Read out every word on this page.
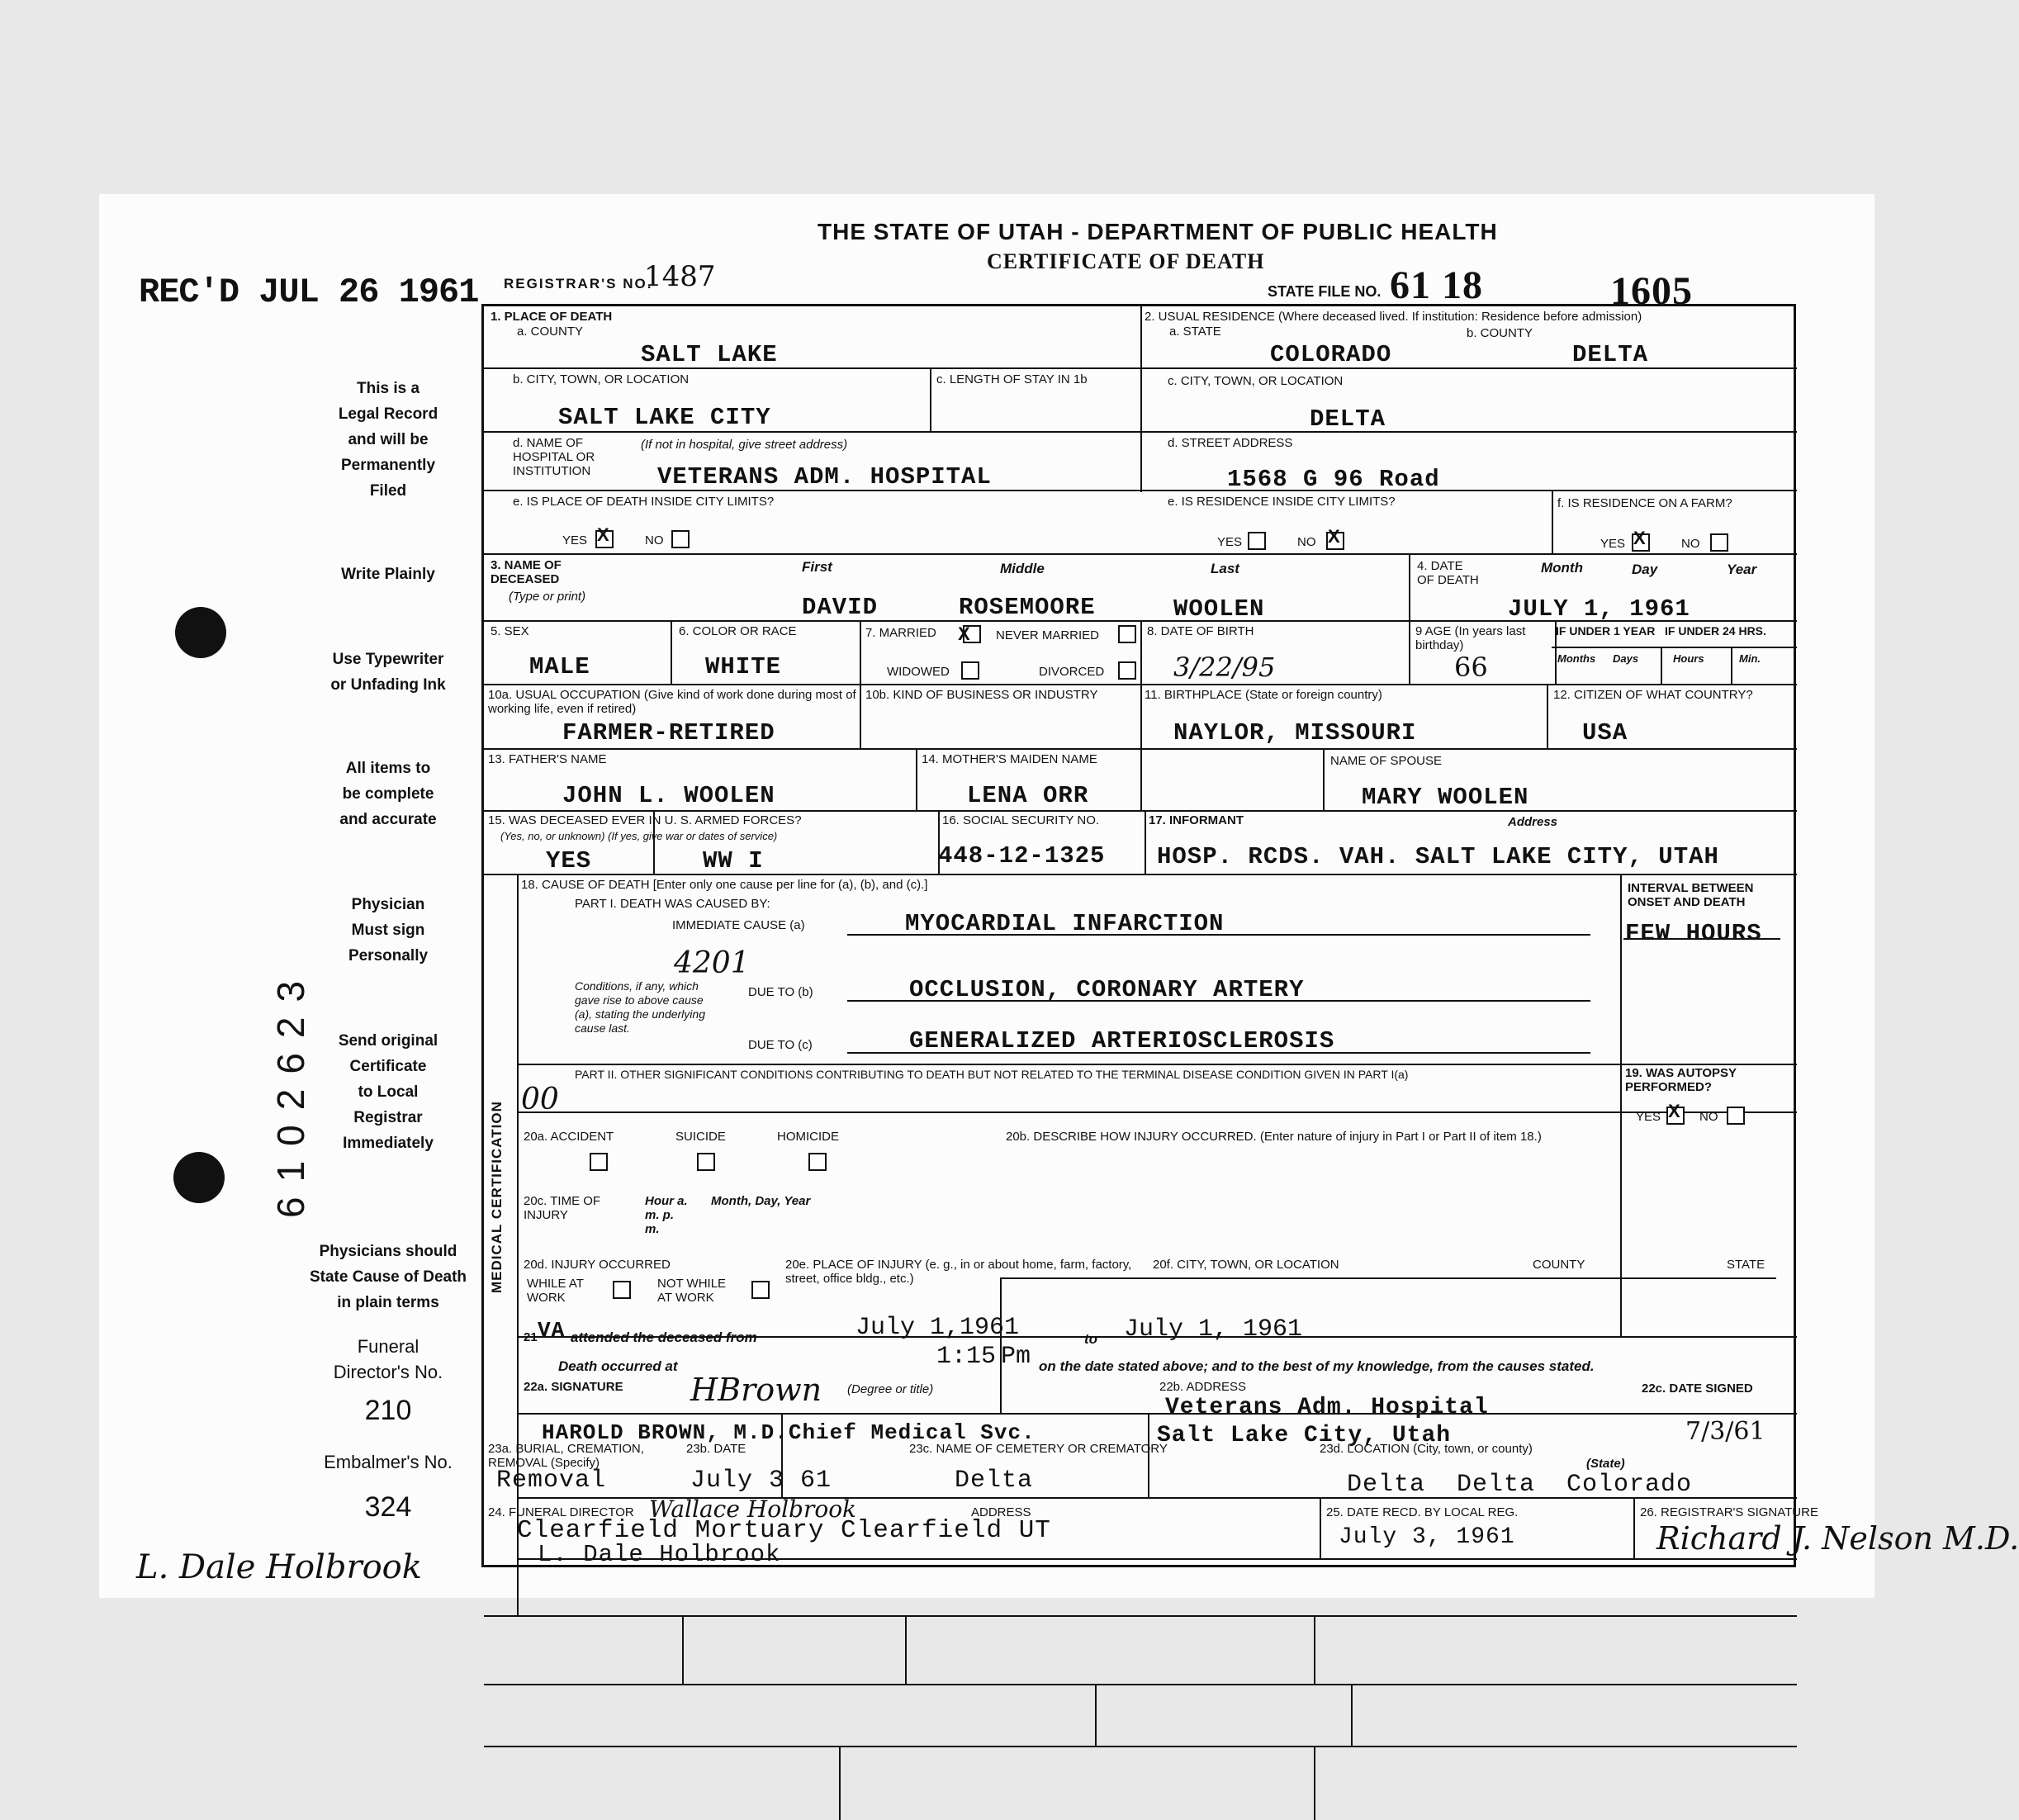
REC'D JUL 26 1961
This is a
Legal Record
and will be
Permanently
Filed
Write Plainly
Use Typewriter
or Unfading Ink
All items to
be complete
and accurate
Physician
Must sign
Personally
Send original
Certificate
to Local
Registrar
Immediately
Physicians should
State Cause of Death
in plain terms
Funeral
Director's No.
210
Embalmer's No.
324
L. Dale Holbrook
6102623
THE STATE OF UTAH - DEPARTMENT OF PUBLIC HEALTH
CERTIFICATE OF DEATH
REGISTRAR'S NO.
1487	STATE FILE NO. 61 18	1605
1. PLACE OF DEATH
a. COUNTY
SALT LAKE
2. USUAL RESIDENCE (Where deceased lived. If institution: Residence before admission)
a. STATE	b. COUNTY
COLORADO	DELTA
b. CITY, TOWN, OR LOCATION
SALT LAKE CITY
c. LENGTH OF STAY IN 1b	c. CITY, TOWN, OR LOCATION
DELTA
d. NAME OF HOSPITAL OR INSTITUTION
(If not in hospital, give street address)
VETERANS ADM. HOSPITAL
d. STREET ADDRESS
1568 G 96 Road
e. IS PLACE OF DEATH INSIDE CITY LIMITS?
YES X	NO
e. IS RESIDENCE INSIDE CITY LIMITS?
YES	NO X
f. IS RESIDENCE ON A FARM?
YES X	NO
3. NAME OF DECEASED
(Type or print)
First	Middle	Last
DAVID	ROSEMOORE	WOOLEN
4. DATE OF DEATH
Month	Day	Year
JULY 1, 1961
5. SEX
MALE
6. COLOR OR RACE
WHITE
7. MARRIED X NEVER MARRIED
WIDOWED	DIVORCED
8. DATE OF BIRTH
3/22/95
9 AGE (In years last birthday)
66
IF UNDER 1 YEAR IF UNDER 24 HRS.
Months Days	Hours	Min.
10a. USUAL OCCUPATION (Give kind of work done during most of working life, even if retired)
FARMER-RETIRED
10b. KIND OF BUSINESS OR INDUSTRY	11. BIRTHPLACE (State or foreign country)
NAYLOR, MISSOURI
12. CITIZEN OF WHAT COUNTRY?
USA
13. FATHER'S NAME
JOHN L. WOOLEN
14. MOTHER'S MAIDEN NAME
LENA ORR
NAME OF SPOUSE
MARY WOOLEN
15. WAS DECEASED EVER IN U. S. ARMED FORCES?
(Yes, no, or unknown) (If yes, give war or dates of service)
YES	WW I
16. SOCIAL SECURITY NO.
448-12-1325
17. INFORMANT	Address
HOSP. RCDS. VAH. SALT LAKE CITY, UTAH
MEDICAL CERTIFICATION
18. CAUSE OF DEATH [Enter only one cause per line for (a), (b), and (c).]
PART I. DEATH WAS CAUSED BY:
IMMEDIATE CAUSE (a)	MYOCARDIAL INFARCTION
INTERVAL BETWEEN ONSET AND DEATH
FEW HOURS
4201
Conditions, if any, which gave rise to above cause (a), stating the underlying cause last.
DUE TO (b)	OCCLUSION, CORONARY ARTERY
DUE TO (c)	GENERALIZED ARTERIOSCLEROSIS
PART II. OTHER SIGNIFICANT CONDITIONS CONTRIBUTING TO DEATH BUT NOT RELATED TO THE TERMINAL DISEASE CONDITION GIVEN IN PART I(a)
00
19. WAS AUTOPSY PERFORMED?
YES X NO
20a. ACCIDENT	SUICIDE	HOMICIDE	20b. DESCRIBE HOW INJURY OCCURRED. (Enter nature of injury in Part I or Part II of item 18.)
20c. TIME OF INJURY
Hour a. m. p. m.
Month, Day, Year
20d. INJURY OCCURRED
WHILE AT WORK
NOT WHILE AT WORK
20e. PLACE OF INJURY (e. g., in or about home, farm, factory, street, office bldg., etc.)
20f. CITY, TOWN, OR LOCATION	COUNTY	STATE
21 VA attended the deceased from	July 1,1961	to July 1, 1961
Death occurred at	1:15 Pm on the date stated above; and to the best of my knowledge, from the causes stated.
22a. SIGNATURE HBrown (Degree or title)
HAROLD BROWN, M.D.Chief Medical Svc.
22b. ADDRESS
Veterans Adm. Hospital
Salt Lake City, Utah
22c. DATE SIGNED
7/3/61
23a. BURIAL, CREMATION, REMOVAL (Specify)
Removal
23b. DATE
July 3 61
23c. NAME OF CEMETERY OR CREMATORY
Delta
23d. LOCATION (City, town, or county)
(State)
Delta  Delta  Colorado
24. FUNERAL DIRECTOR	ADDRESS
Wallace Holbrook
Clearfield Mortuary Clearfield UT
L. Dale Holbrook
25. DATE RECD. BY LOCAL REG.
July 3, 1961
26. REGISTRAR'S SIGNATURE
Richard J. Nelson M.D.
